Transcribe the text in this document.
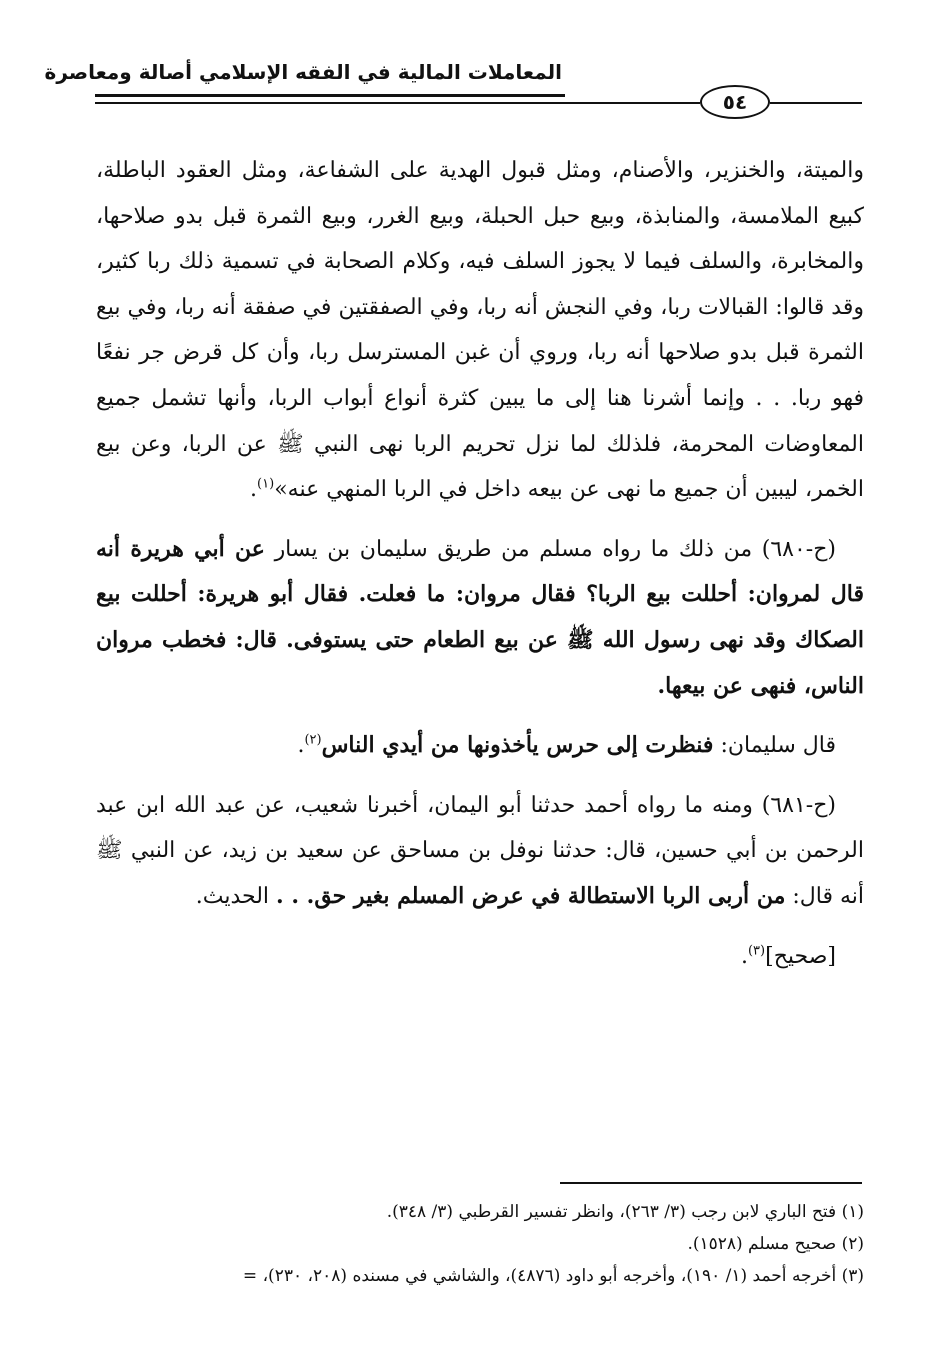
المعاملات المالية في الفقه الإسلامي أصالة ومعاصرة
٥٤

والميتة، والخنزير، والأصنام، ومثل قبول الهدية على الشفاعة، ومثل العقود الباطلة، كبيع الملامسة، والمنابذة، وبيع حبل الحبلة، وبيع الغرر، وبيع الثمرة قبل بدو صلاحها، والمخابرة، والسلف فيما لا يجوز السلف فيه، وكلام الصحابة في تسمية ذلك ربا كثير، وقد قالوا: القبالات ربا، وفي النجش أنه ربا، وفي الصفقتين في صفقة أنه ربا، وفي بيع الثمرة قبل بدو صلاحها أنه ربا، وروي أن غبن المسترسل ربا، وأن كل قرض جر نفعًا فهو ربا. . . وإنما أشرنا هنا إلى ما يبين كثرة أنواع أبواب الربا، وأنها تشمل جميع المعاوضات المحرمة، فلذلك لما نزل تحريم الربا نهى النبي ﷺ عن الربا، وعن بيع الخمر، ليبين أن جميع ما نهى عن بيعه داخل في الربا المنهي عنه»$^{(١)}$.

(ح-٦٨٠) من ذلك ما رواه مسلم من طريق سليمان بن يسار عن أبي هريرة أنه قال لمروان: أحللت بيع الربا؟ فقال مروان: ما فعلت. فقال أبو هريرة: أحللت بيع الصكاك وقد نهى رسول الله ﷺ عن بيع الطعام حتى يستوفى. قال: فخطب مروان الناس، فنهى عن بيعها.

قال سليمان: فنظرت إلى حرس يأخذونها من أيدي الناس$^{(٢)}$.

(ح-٦٨١) ومنه ما رواه أحمد حدثنا أبو اليمان، أخبرنا شعيب، عن عبد الله ابن عبد الرحمن بن أبي حسين، قال: حدثنا نوفل بن مساحق عن سعيد بن زيد، عن النبي ﷺ أنه قال: من أربى الربا الاستطالة في عرض المسلم بغير حق. . . الحديث.

[صحيح]$^{(٣)}$.

(١) فتح الباري لابن رجب (٣/ ٢٦٣)، وانظر تفسير القرطبي (٣/ ٣٤٨).

(٢) صحيح مسلم (١٥٢٨).

(٣) أخرجه أحمد (١/ ١٩٠)، وأخرجه أبو داود (٤٨٧٦)، والشاشي في مسنده (٢٠٨، ٢٣٠)، =
